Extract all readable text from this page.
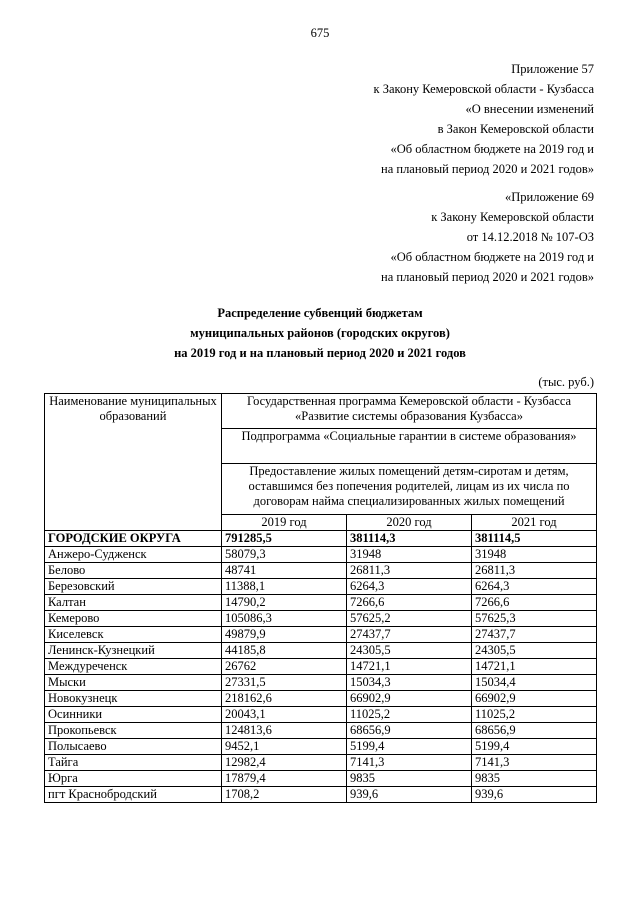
675
Приложение 57
к Закону Кемеровской области - Кузбасса
«О внесении изменений
в Закон Кемеровской области
«Об областном бюджете на 2019 год и
на плановый период 2020 и 2021 годов»
«Приложение 69
к Закону Кемеровской области
от 14.12.2018 № 107-ОЗ
«Об областном бюджете на 2019 год и
на плановый период 2020 и 2021 годов»
Распределение субвенций бюджетам
муниципальных районов (городских округов)
на 2019 год и на плановый период 2020 и 2021 годов
(тыс. руб.)
Наименование муниципальных образований	Государственная программа Кемеровской области - Кузбасса «Развитие системы образования Кузбасса»		
	Подпрограмма «Социальные гарантии в системе образования»		
	Предоставление жилых помещений детям-сиротам и детям, оставшимся без попечения родителей, лицам из их числа по договорам найма специализированных жилых помещений		
	2019 год	2020 год	2021 год
ГОРОДСКИЕ ОКРУГА	791285,5	381114,3	381114,5
Анжеро-Судженск	58079,3	31948	31948
Белово	48741	26811,3	26811,3
Березовский	11388,1	6264,3	6264,3
Калтан	14790,2	7266,6	7266,6
Кемерово	105086,3	57625,2	57625,3
Киселевск	49879,9	27437,7	27437,7
Ленинск-Кузнецкий	44185,8	24305,5	24305,5
Междуреченск	26762	14721,1	14721,1
Мыски	27331,5	15034,3	15034,4
Новокузнецк	218162,6	66902,9	66902,9
Осинники	20043,1	11025,2	11025,2
Прокопьевск	124813,6	68656,9	68656,9
Полысаево	9452,1	5199,4	5199,4
Тайга	12982,4	7141,3	7141,3
Юрга	17879,4	9835	9835
пгт Краснобродский	1708,2	939,6	939,6
